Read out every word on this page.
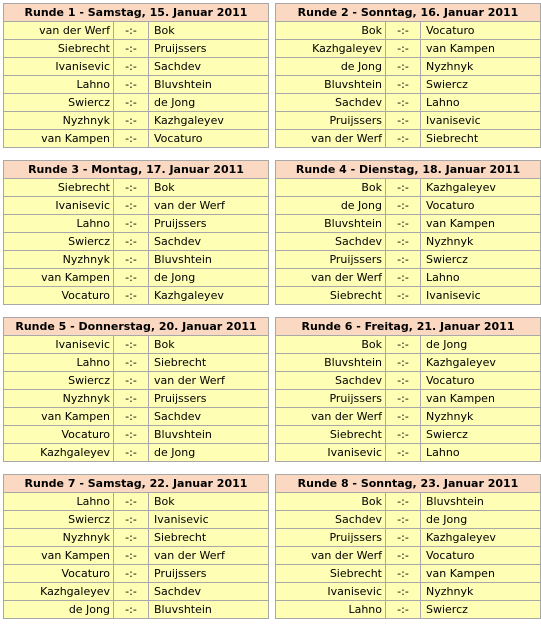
Runde 1 - Samstag, 15. Januar 2011
van der Werf	-:-	Bok
Siebrecht	-:-	Pruijssers
Ivanisevic	-:-	Sachdev
Lahno	-:-	Bluvshtein
Swiercz	-:-	de Jong
Nyzhnyk	-:-	Kazhgaleyev
van Kampen	-:-	Vocaturo
Runde 2 - Sonntag, 16. Januar 2011
Bok	-:-	Vocaturo
Kazhgaleyev	-:-	van Kampen
de Jong	-:-	Nyzhnyk
Bluvshtein	-:-	Swiercz
Sachdev	-:-	Lahno
Pruijssers	-:-	Ivanisevic
van der Werf	-:-	Siebrecht
Runde 3 - Montag, 17. Januar 2011
Siebrecht	-:-	Bok
Ivanisevic	-:-	van der Werf
Lahno	-:-	Pruijssers
Swiercz	-:-	Sachdev
Nyzhnyk	-:-	Bluvshtein
van Kampen	-:-	de Jong
Vocaturo	-:-	Kazhgaleyev
Runde 4 - Dienstag, 18. Januar 2011
Bok	-:-	Kazhgaleyev
de Jong	-:-	Vocaturo
Bluvshtein	-:-	van Kampen
Sachdev	-:-	Nyzhnyk
Pruijssers	-:-	Swiercz
van der Werf	-:-	Lahno
Siebrecht	-:-	Ivanisevic
Runde 5 - Donnerstag, 20. Januar 2011
Ivanisevic	-:-	Bok
Lahno	-:-	Siebrecht
Swiercz	-:-	van der Werf
Nyzhnyk	-:-	Pruijssers
van Kampen	-:-	Sachdev
Vocaturo	-:-	Bluvshtein
Kazhgaleyev	-:-	de Jong
Runde 6 - Freitag, 21. Januar 2011
Bok	-:-	de Jong
Bluvshtein	-:-	Kazhgaleyev
Sachdev	-:-	Vocaturo
Pruijssers	-:-	van Kampen
van der Werf	-:-	Nyzhnyk
Siebrecht	-:-	Swiercz
Ivanisevic	-:-	Lahno
Runde 7 - Samstag, 22. Januar 2011
Lahno	-:-	Bok
Swiercz	-:-	Ivanisevic
Nyzhnyk	-:-	Siebrecht
van Kampen	-:-	van der Werf
Vocaturo	-:-	Pruijssers
Kazhgaleyev	-:-	Sachdev
de Jong	-:-	Bluvshtein
Runde 8 - Sonntag, 23. Januar 2011
Bok	-:-	Bluvshtein
Sachdev	-:-	de Jong
Pruijssers	-:-	Kazhgaleyev
van der Werf	-:-	Vocaturo
Siebrecht	-:-	van Kampen
Ivanisevic	-:-	Nyzhnyk
Lahno	-:-	Swiercz
